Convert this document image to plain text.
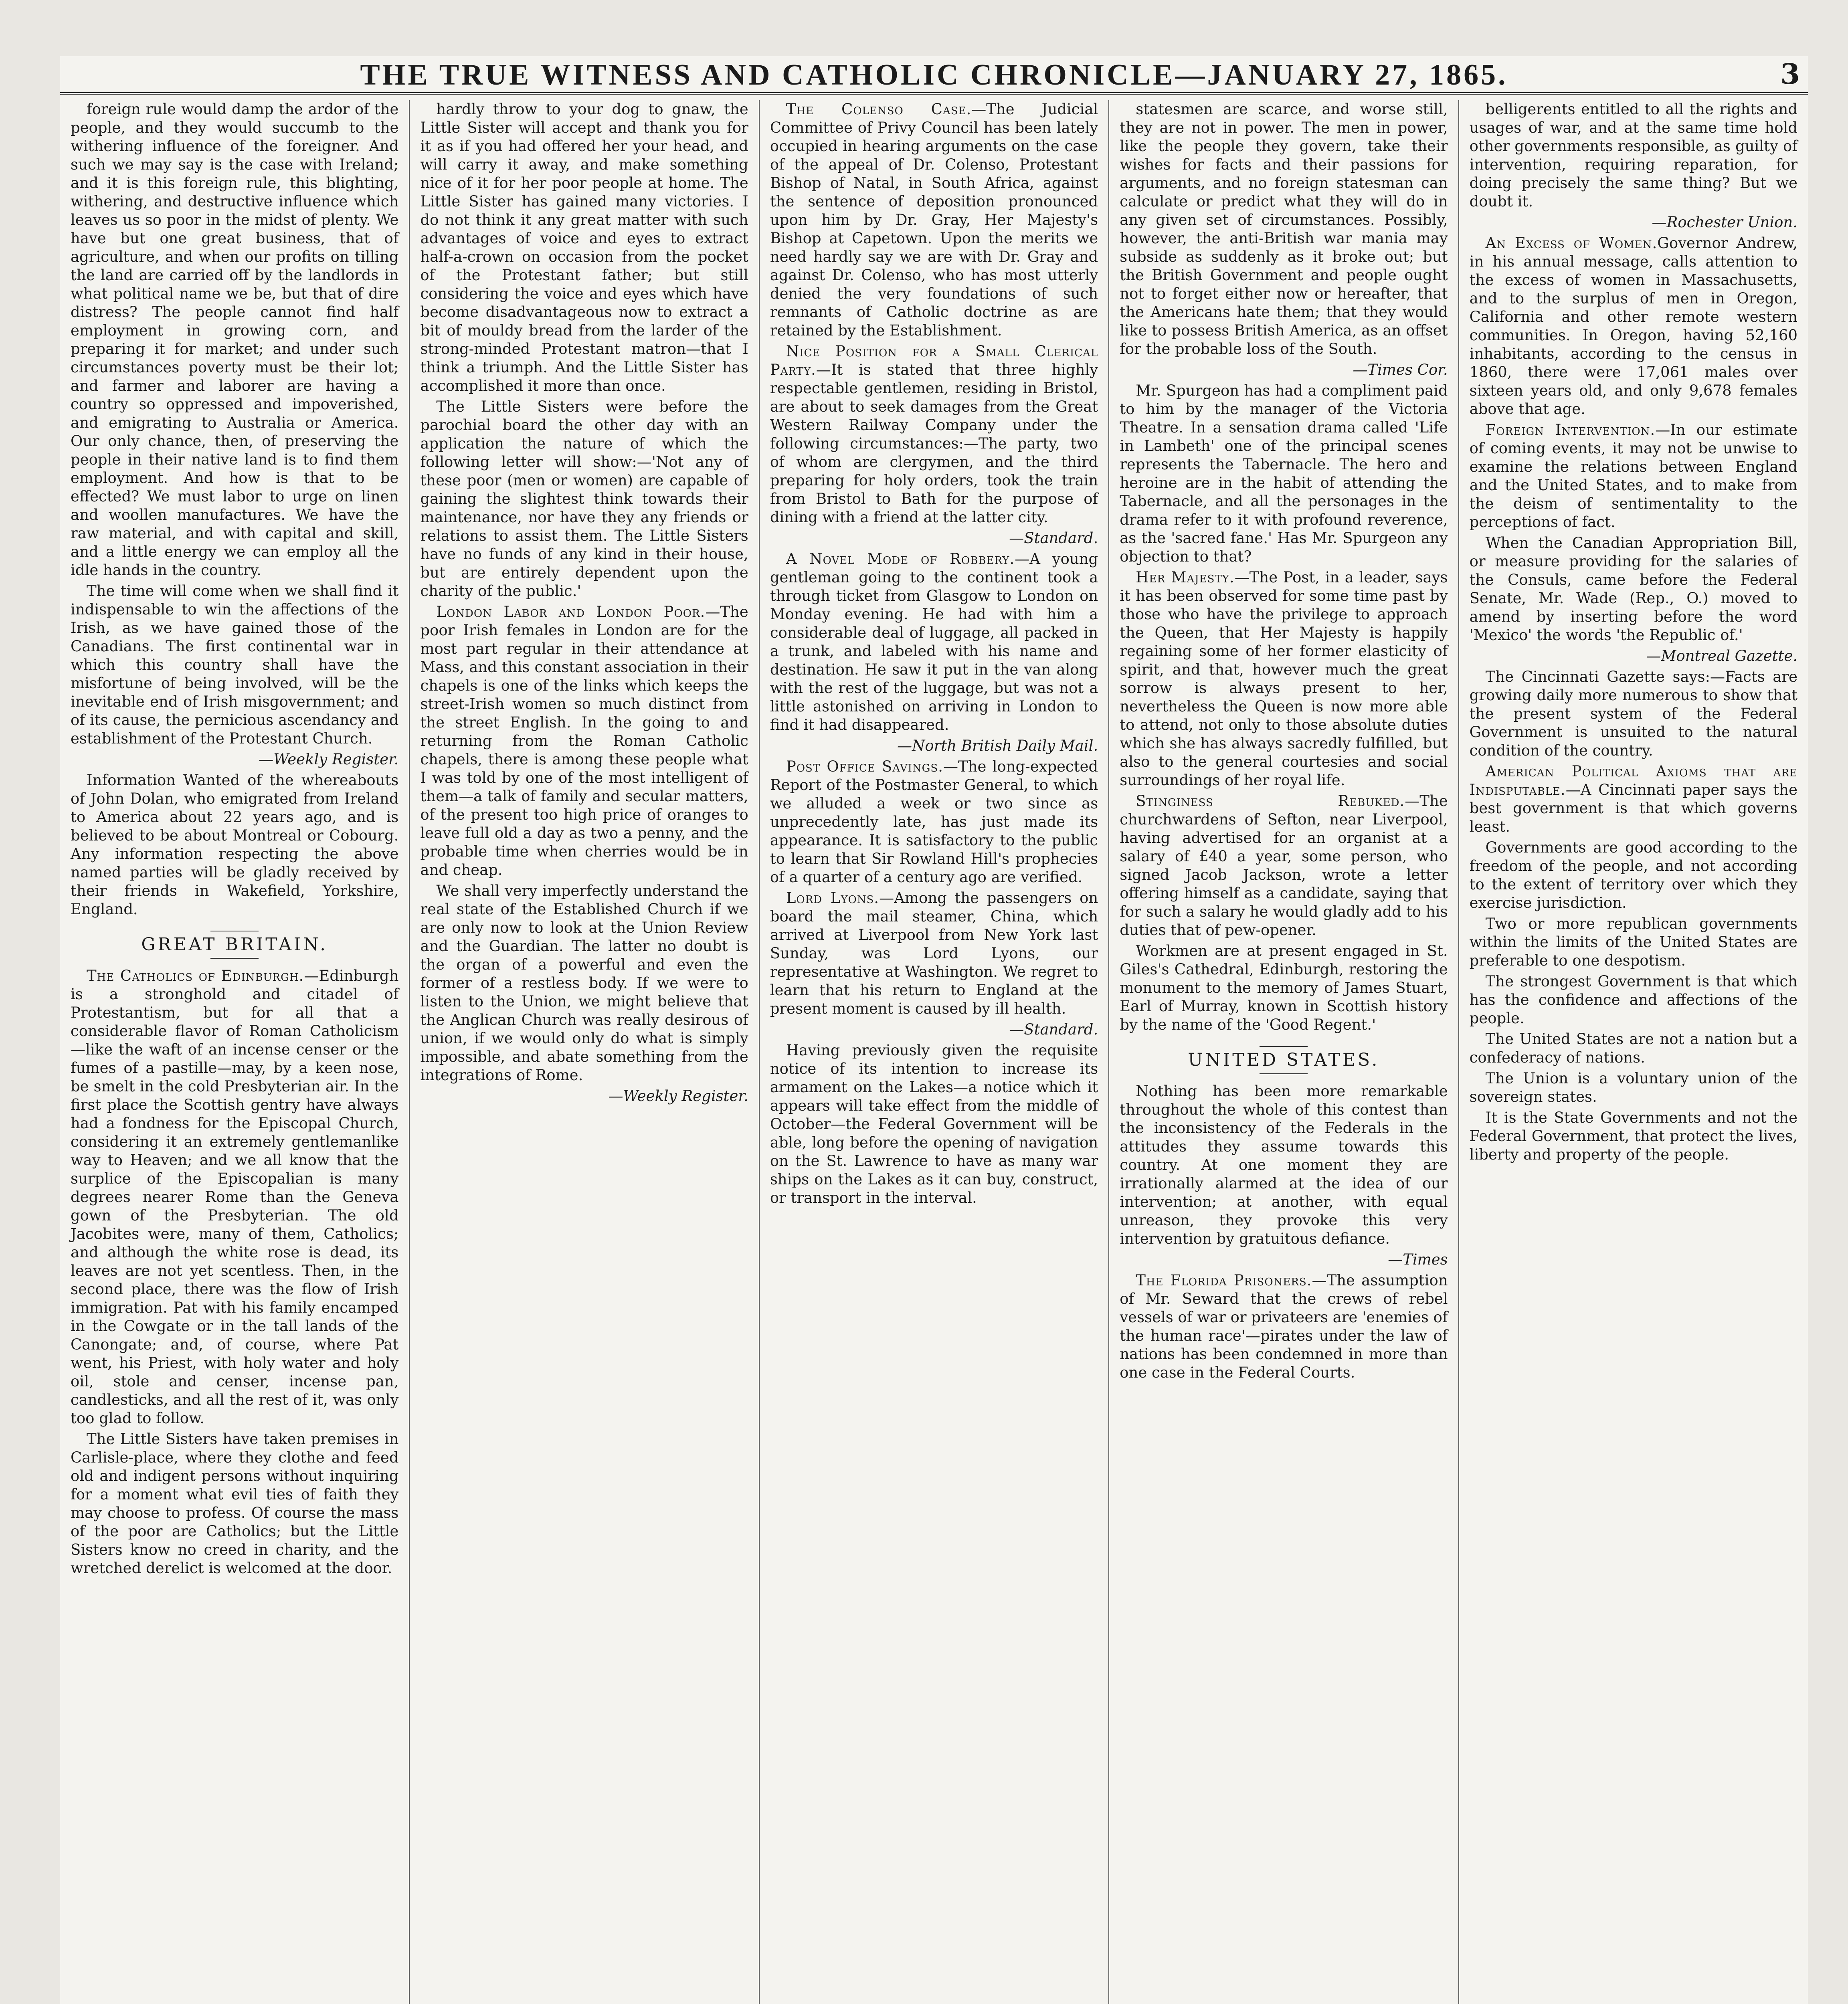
THE TRUE WITNESS AND CATHOLIC CHRONICLE—JANUARY 27, 1865.	3

foreign rule would damp the ardor of the people, and they would succumb to the withering influence of the foreigner. And such we may say is the case with Ireland; and it is this foreign rule, this blighting, withering, and destructive influence which leaves us so poor in the midst of plenty. We have but one great business, that of agriculture, and when our profits on tilling the land are carried off by the landlords in what political name we be, but that of dire distress? The people cannot find half employment in growing corn, and preparing it for market; and under such circumstances poverty must be their lot; and farmer and laborer are having a country so oppressed and impoverished, and emigrating to Australia or America. Our only chance, then, of preserving the people in their native land is to find them employment. And how is that to be effected? We must labor to urge on linen and woollen manufactures. We have the raw material, and with capital and skill, and a little energy we can employ all the idle hands in the country.

The time will come when we shall find it indispensable to win the affections of the Irish, as we have gained those of the Canadians. The first continental war in which this country shall have the misfortune of being involved, will be the inevitable end of Irish misgovernment; and of its cause, the pernicious ascendancy and establishment of the Protestant Church.

—Weekly Register.

Information Wanted of the whereabouts of John Dolan, who emigrated from Ireland to America about 22 years ago, and is believed to be about Montreal or Cobourg. Any information respecting the above named parties will be gladly received by their friends in Wakefield, Yorkshire, England.

GREAT BRITAIN.

The Catholics of Edinburgh.—Edinburgh is a stronghold and citadel of Protestantism, but for all that a considerable flavor of Roman Catholicism—like the waft of an incense censer or the fumes of a pastille—may, by a keen nose, be smelt in the cold Presbyterian air. In the first place the Scottish gentry have always had a fondness for the Episcopal Church, considering it an extremely gentlemanlike way to Heaven; and we all know that the surplice of the Episcopalian is many degrees nearer Rome than the Geneva gown of the Presbyterian. The old Jacobites were, many of them, Catholics; and although the white rose is dead, its leaves are not yet scentless. Then, in the second place, there was the flow of Irish immigration. Pat with his family encamped in the Cowgate or in the tall lands of the Canongate; and, of course, where Pat went, his Priest, with holy water and holy oil, stole and censer, incense pan, candlesticks, and all the rest of it, was only too glad to follow.

The Little Sisters have taken premises in Carlisle-place, where they clothe and feed old and indigent persons without inquiring for a moment what evil ties of faith they may choose to profess. Of course the mass of the poor are Catholics; but the Little Sisters know no creed in charity, and the wretched derelict is welcomed at the door.

hardly throw to your dog to gnaw, the Little Sister will accept and thank you for it as if you had offered her your head, and will carry it away, and make something nice of it for her poor people at home. The Little Sister has gained many victories. I do not think it any great matter with such advantages of voice and eyes to extract half-a-crown on occasion from the pocket of the Protestant father; but still considering the voice and eyes which have become disadvantageous now to extract a bit of mouldy bread from the larder of the strong-minded Protestant matron—that I think a triumph. And the Little Sister has accomplished it more than once.

The Little Sisters were before the parochial board the other day with an application the nature of which the following letter will show:—'Not any of these poor (men or women) are capable of gaining the slightest think towards their maintenance, nor have they any friends or relations to assist them. The Little Sisters have no funds of any kind in their house, but are entirely dependent upon the charity of the public.'

London Labor and London Poor.—The poor Irish females in London are for the most part regular in their attendance at Mass, and this constant association in their chapels is one of the links which keeps the street-Irish women so much distinct from the street English. In the going to and returning from the Roman Catholic chapels, there is among these people what I was told by one of the most intelligent of them—a talk of family and secular matters, of the present too high price of oranges to leave full old a day as two a penny, and the probable time when cherries would be in and cheap.

We shall very imperfectly understand the real state of the Established Church if we are only now to look at the Union Review and the Guardian. The latter no doubt is the organ of a powerful and even the former of a restless body. If we were to listen to the Union, we might believe that the Anglican Church was really desirous of union, if we would only do what is simply impossible, and abate something from the integrations of Rome.

—Weekly Register.

The Colenso Case.—The Judicial Committee of Privy Council has been lately occupied in hearing arguments on the case of the appeal of Dr. Colenso, Protestant Bishop of Natal, in South Africa, against the sentence of deposition pronounced upon him by Dr. Gray, Her Majesty's Bishop at Capetown. Upon the merits we need hardly say we are with Dr. Gray and against Dr. Colenso, who has most utterly denied the very foundations of such remnants of Catholic doctrine as are retained by the Establishment.

Nice Position for a Small Clerical Party.—It is stated that three highly respectable gentlemen, residing in Bristol, are about to seek damages from the Great Western Railway Company under the following circumstances:—The party, two of whom are clergymen, and the third preparing for holy orders, took the train from Bristol to Bath for the purpose of dining with a friend at the latter city.

—Standard.

A Novel Mode of Robbery.—A young gentleman going to the continent took a through ticket from Glasgow to London on Monday evening. He had with him a considerable deal of luggage, all packed in a trunk, and labeled with his name and destination. He saw it put in the van along with the rest of the luggage, but was not a little astonished on arriving in London to find it had disappeared.

—North British Daily Mail.

Post Office Savings.—The long-expected Report of the Postmaster General, to which we alluded a week or two since as unprecedently late, has just made its appearance. It is satisfactory to the public to learn that Sir Rowland Hill's prophecies of a quarter of a century ago are verified.

Lord Lyons.—Among the passengers on board the mail steamer, China, which arrived at Liverpool from New York last Sunday, was Lord Lyons, our representative at Washington. We regret to learn that his return to England at the present moment is caused by ill health.

—Standard.

Having previously given the requisite notice of its intention to increase its armament on the Lakes—a notice which it appears will take effect from the middle of October—the Federal Government will be able, long before the opening of navigation on the St. Lawrence to have as many war ships on the Lakes as it can buy, construct, or transport in the interval.

statesmen are scarce, and worse still, they are not in power. The men in power, like the people they govern, take their wishes for facts and their passions for arguments, and no foreign statesman can calculate or predict what they will do in any given set of circumstances. Possibly, however, the anti-British war mania may subside as suddenly as it broke out; but the British Government and people ought not to forget either now or hereafter, that the Americans hate them; that they would like to possess British America, as an offset for the probable loss of the South.

—Times Cor.

Mr. Spurgeon has had a compliment paid to him by the manager of the Victoria Theatre. In a sensation drama called 'Life in Lambeth' one of the principal scenes represents the Tabernacle. The hero and heroine are in the habit of attending the Tabernacle, and all the personages in the drama refer to it with profound reverence, as the 'sacred fane.' Has Mr. Spurgeon any objection to that?

Her Majesty.—The Post, in a leader, says it has been observed for some time past by those who have the privilege to approach the Queen, that Her Majesty is happily regaining some of her former elasticity of spirit, and that, however much the great sorrow is always present to her, nevertheless the Queen is now more able to attend, not only to those absolute duties which she has always sacredly fulfilled, but also to the general courtesies and social surroundings of her royal life.

Stinginess Rebuked.—The churchwardens of Sefton, near Liverpool, having advertised for an organist at a salary of £40 a year, some person, who signed Jacob Jackson, wrote a letter offering himself as a candidate, saying that for such a salary he would gladly add to his duties that of pew-opener.

Workmen are at present engaged in St. Giles's Cathedral, Edinburgh, restoring the monument to the memory of James Stuart, Earl of Murray, known in Scottish history by the name of the 'Good Regent.'

UNITED STATES.

Nothing has been more remarkable throughout the whole of this contest than the inconsistency of the Federals in the attitudes they assume towards this country. At one moment they are irrationally alarmed at the idea of our intervention; at another, with equal unreason, they provoke this very intervention by gratuitous defiance.

—Times

The Florida Prisoners.—The assumption of Mr. Seward that the crews of rebel vessels of war or privateers are 'enemies of the human race'—pirates under the law of nations has been condemned in more than one case in the Federal Courts.

belligerents entitled to all the rights and usages of war, and at the same time hold other governments responsible, as guilty of intervention, requiring reparation, for doing precisely the same thing? But we doubt it.

—Rochester Union.

An Excess of Women.Governor Andrew, in his annual message, calls attention to the excess of women in Massachusetts, and to the surplus of men in Oregon, California and other remote western communities. In Oregon, having 52,160 inhabitants, according to the census in 1860, there were 17,061 males over sixteen years old, and only 9,678 females above that age.

Foreign Intervention.—In our estimate of coming events, it may not be unwise to examine the relations between England and the United States, and to make from the deism of sentimentality to the perceptions of fact.

When the Canadian Appropriation Bill, or measure providing for the salaries of the Consuls, came before the Federal Senate, Mr. Wade (Rep., O.) moved to amend by inserting before the word 'Mexico' the words 'the Republic of.'

—Montreal Gazette.

The Cincinnati Gazette says:—Facts are growing daily more numerous to show that the present system of the Federal Government is unsuited to the natural condition of the country.

American Political Axioms that are Indisputable.—A Cincinnati paper says the best government is that which governs least.

Governments are good according to the freedom of the people, and not according to the extent of territory over which they exercise jurisdiction.

Two or more republican governments within the limits of the United States are preferable to one despotism.

The strongest Government is that which has the confidence and affections of the people.

The United States are not a nation but a confederacy of nations.

The Union is a voluntary union of the sovereign states.

It is the State Governments and not the Federal Government, that protect the lives, liberty and property of the people.
